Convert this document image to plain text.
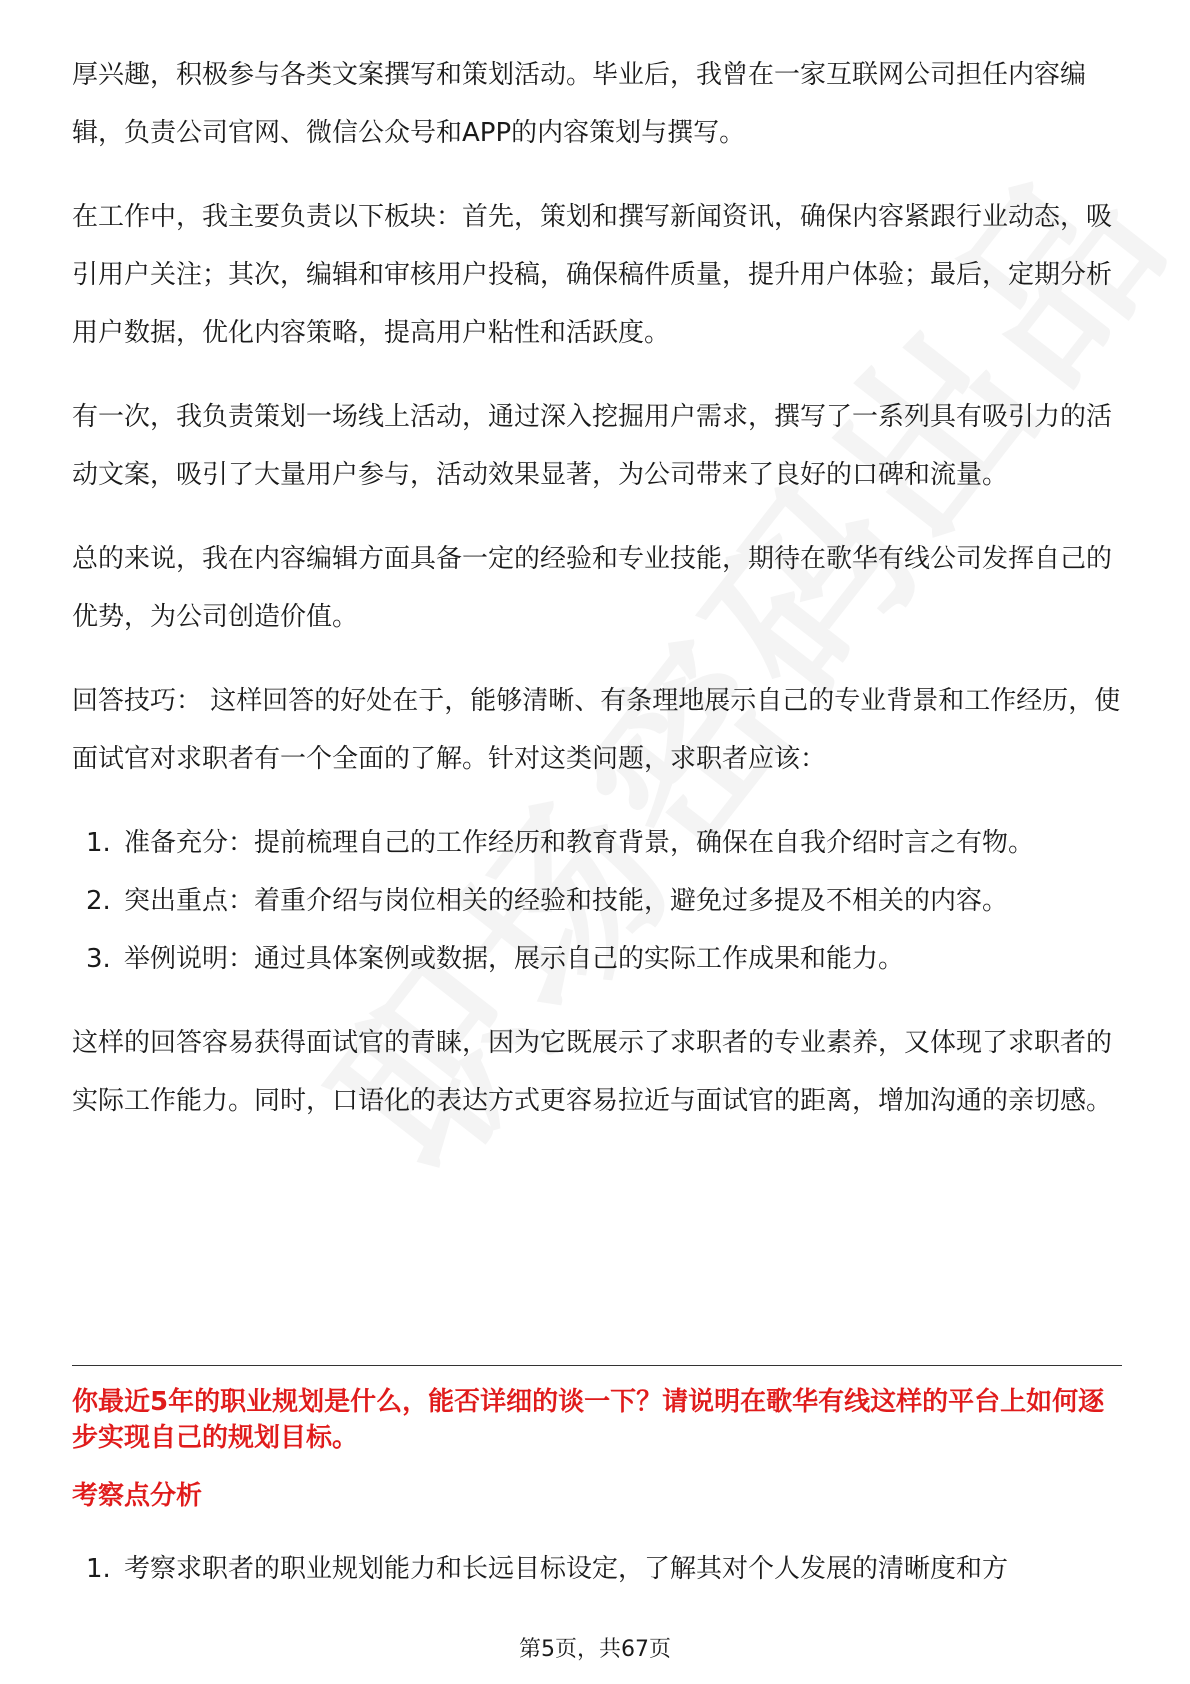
厚兴趣，积极参与各类文案撰写和策划活动。毕业后，我曾在一家互联网公司担任内容编辑，负责公司官网、微信公众号和APP的内容策划与撰写。

在工作中，我主要负责以下板块：首先，策划和撰写新闻资讯，确保内容紧跟行业动态，吸引用户关注；其次，编辑和审核用户投稿，确保稿件质量，提升用户体验；最后，定期分析用户数据，优化内容策略，提高用户粘性和活跃度。

有一次，我负责策划一场线上活动，通过深入挖掘用户需求，撰写了一系列具有吸引力的活动文案，吸引了大量用户参与，活动效果显著，为公司带来了良好的口碑和流量。

总的来说，我在内容编辑方面具备一定的经验和专业技能，期待在歌华有线公司发挥自己的优势，为公司创造价值。

回答技巧： 这样回答的好处在于，能够清晰、有条理地展示自己的专业背景和工作经历，使面试官对求职者有一个全面的了解。针对这类问题，求职者应该：

1. 准备充分：提前梳理自己的工作经历和教育背景，确保在自我介绍时言之有物。
2. 突出重点：着重介绍与岗位相关的经验和技能，避免过多提及不相关的内容。
3. 举例说明：通过具体案例或数据，展示自己的实际工作成果和能力。

这样的回答容易获得面试官的青睐，因为它既展示了求职者的专业素养，又体现了求职者的实际工作能力。同时，口语化的表达方式更容易拉近与面试官的距离，增加沟通的亲切感。

你最近5年的职业规划是什么，能否详细的谈一下？请说明在歌华有线这样的平台上如何逐步实现自己的规划目标。
考察点分析
1. 考察求职者的职业规划能力和长远目标设定，了解其对个人发展的清晰度和方
第5页，共67页
